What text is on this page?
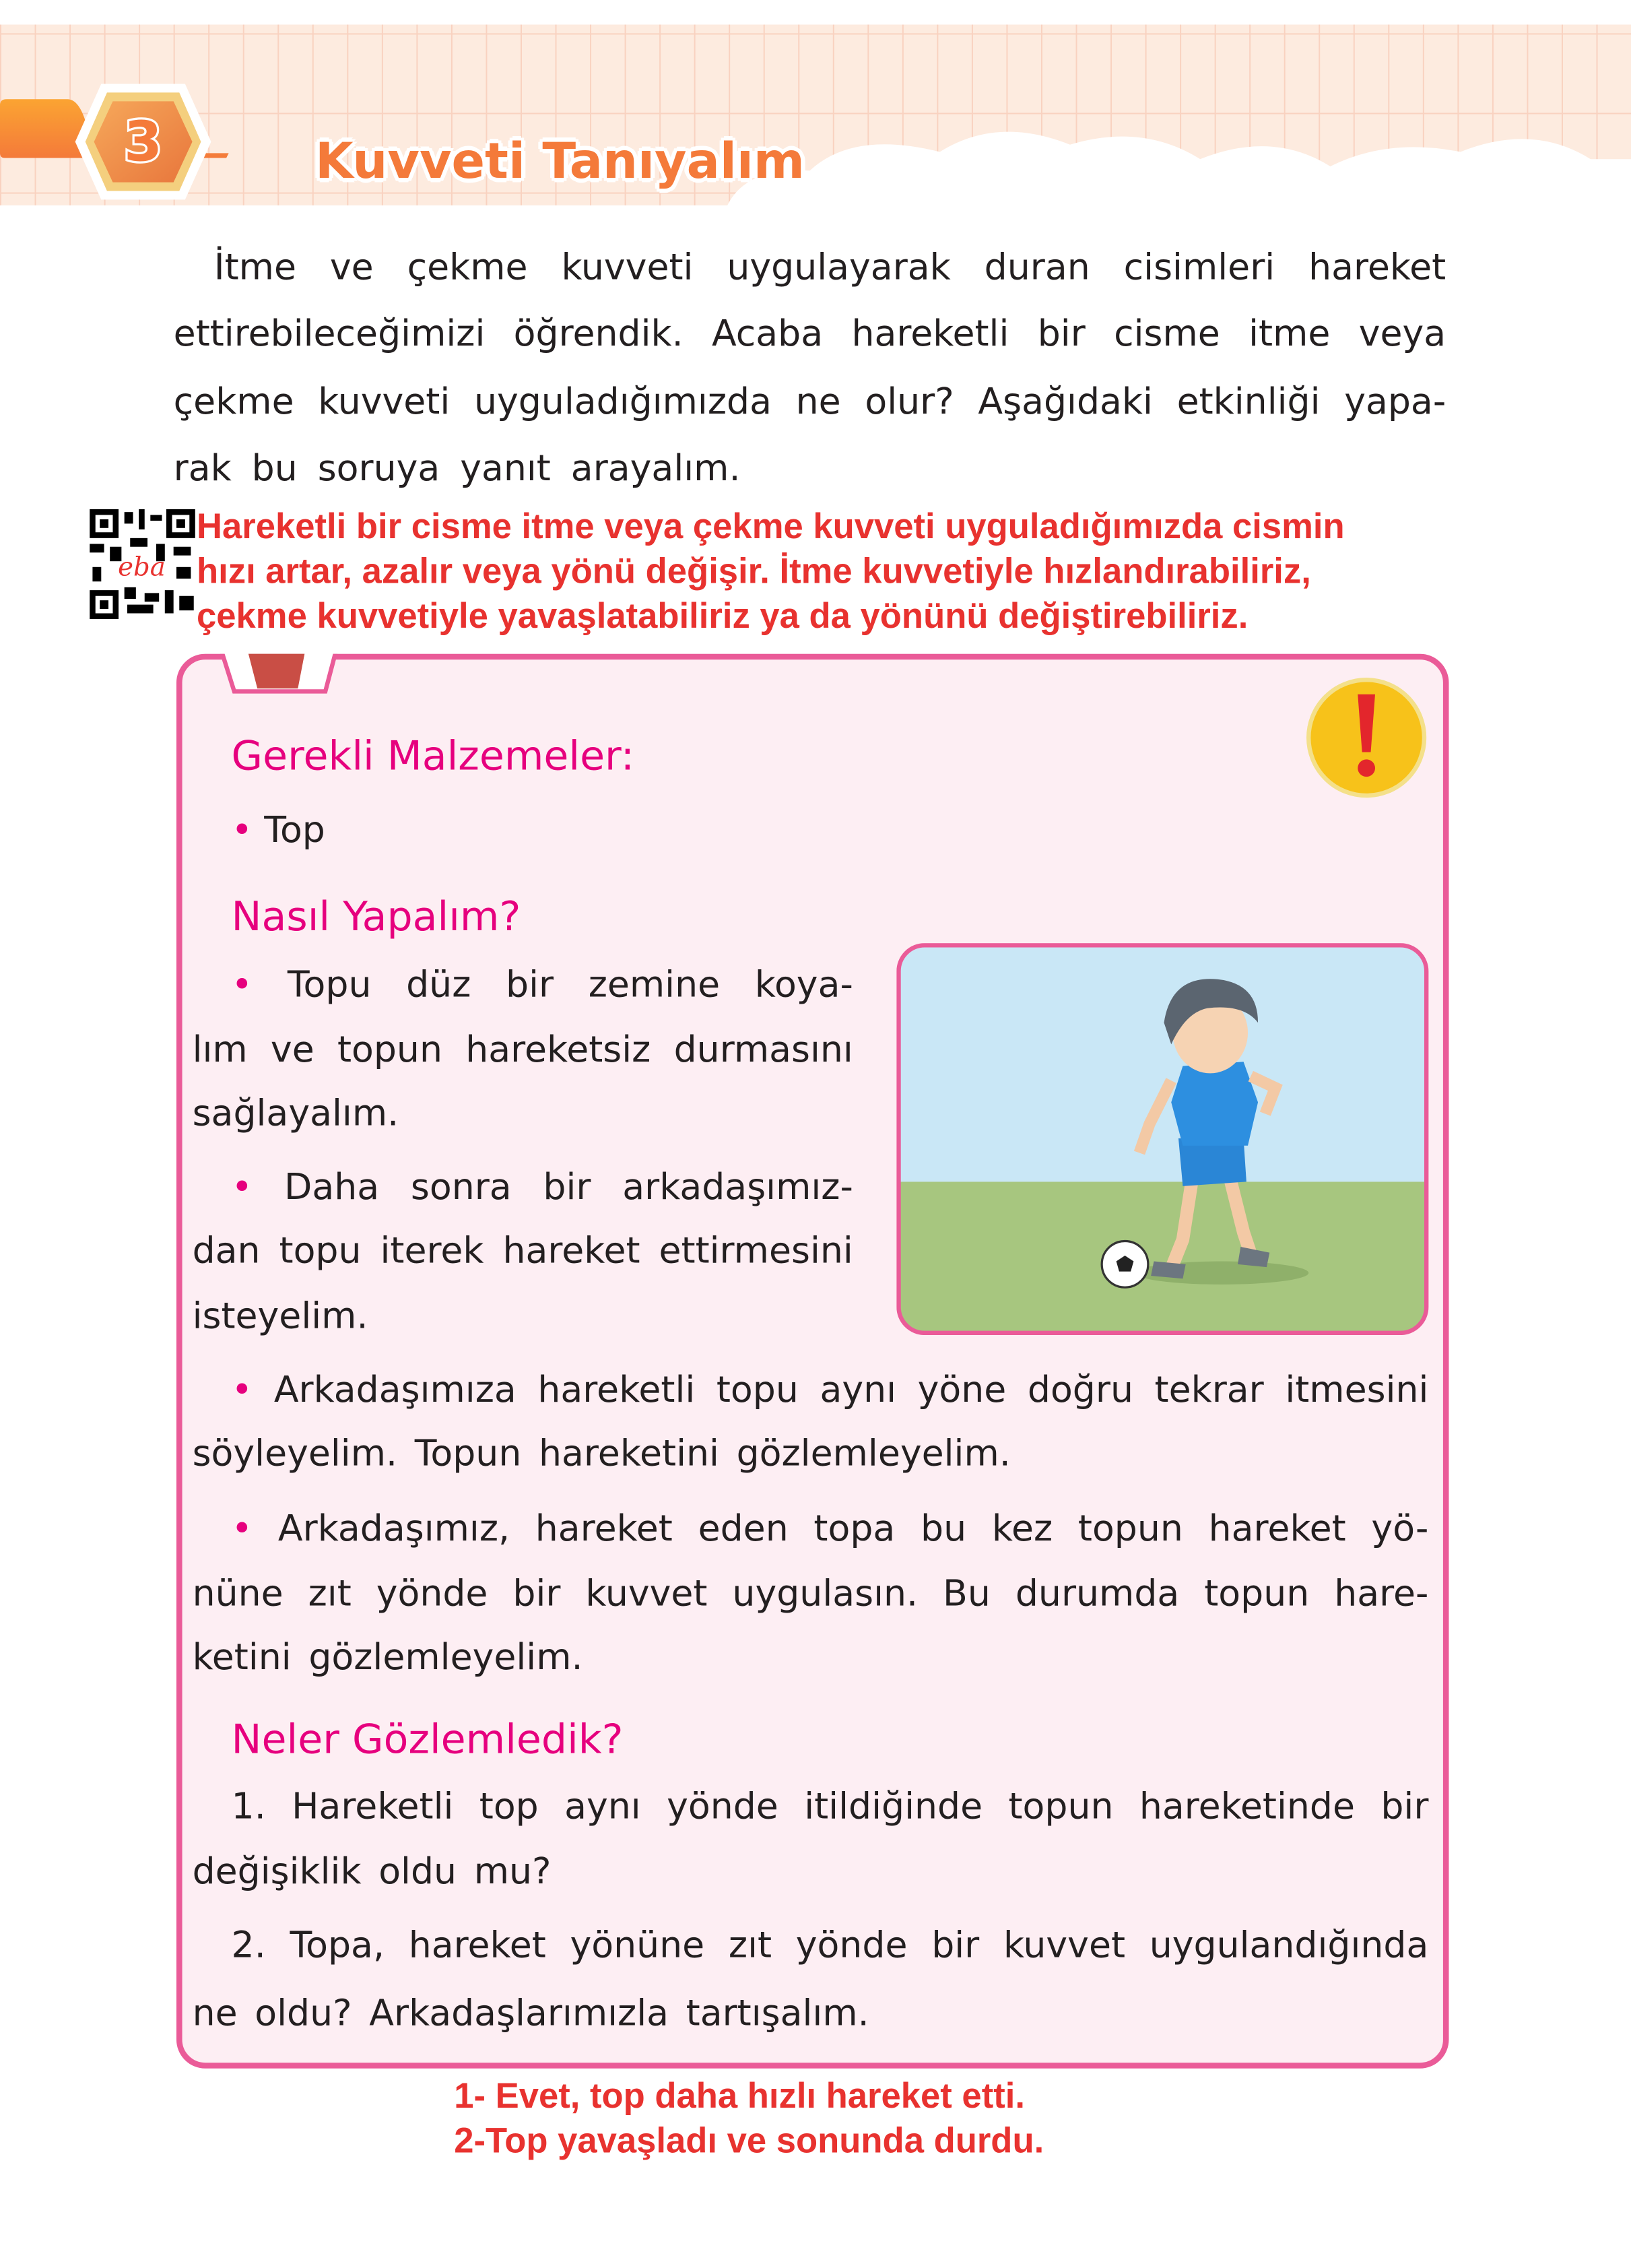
3	Kuvveti Tanıyalım
İtme ve çekme kuvveti uygulayarak duran cisimleri hareket
ettirebileceğimizi öğrendik. Acaba hareketli bir cisme itme veya
çekme kuvveti uyguladığımızda ne olur? Aşağıdaki etkinliği yapa-
rak bu soruya yanıt arayalım.
eba
Hareketli bir cisme itme veya çekme kuvveti uyguladığımızda cismin
hızı artar, azalır veya yönü değişir. İtme kuvvetiyle hızlandırabiliriz,
çekme kuvvetiyle yavaşlatabiliriz ya da yönünü değiştirebiliriz.
Gerekli Malzemeler:
• Top
Nasıl Yapalım?
• Topu düz bir zemine koya-
lım ve topun hareketsiz durmasını
sağlayalım.
• Daha sonra bir arkadaşımız-
dan topu iterek hareket ettirmesini
isteyelim.
• Arkadaşımıza hareketli topu aynı yöne doğru tekrar itmesini
söyleyelim. Topun hareketini gözlemleyelim.
• Arkadaşımız, hareket eden topa bu kez topun hareket yö-
nüne zıt yönde bir kuvvet uygulasın. Bu durumda topun hare-
ketini gözlemleyelim.
Neler Gözlemledik?
1. Hareketli top aynı yönde itildiğinde topun hareketinde bir
değişiklik oldu mu?
2. Topa, hareket yönüne zıt yönde bir kuvvet uygulandığında
ne oldu? Arkadaşlarımızla tartışalım.
1- Evet, top daha hızlı hareket etti.
2-Top yavaşladı ve sonunda durdu.
